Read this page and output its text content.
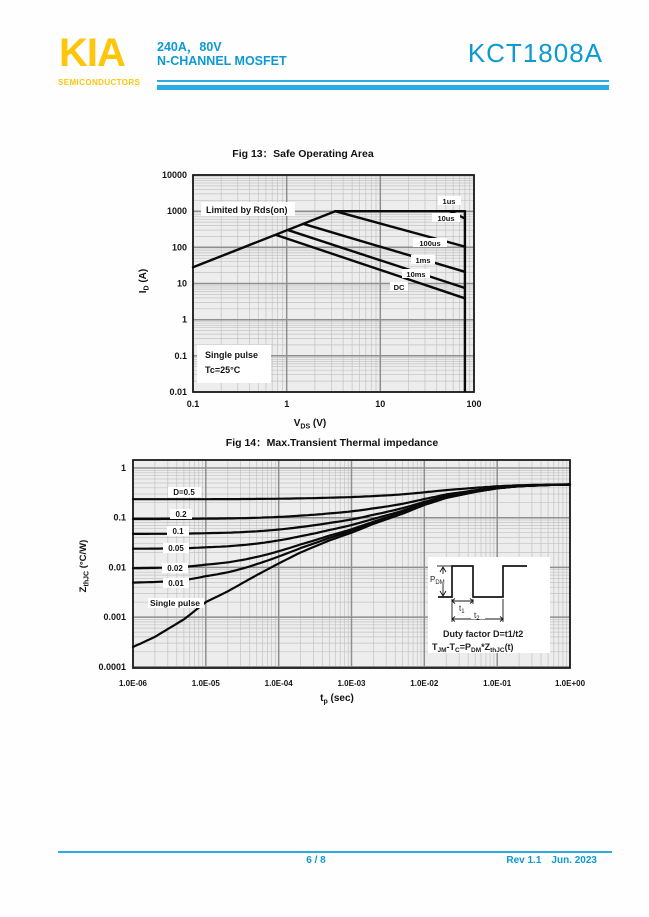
KIA
SEMICONDUCTORS
240A，80V
N-CHANNEL MOSFET	KCT1808A
0.1	1	10	100
10000
1000
100
10
1
0.1
0.01
Limited by Rds(on)
Single pulse
Tc=25°C
1us
10us
100us
1ms
10ms
DC
Fig 13：Safe Operating Area
$V_{DS}$ (V)
$I_D$ (A)
1.0E-06	1.0E-05	1.0E-04	1.0E-03	1.0E-02	1.0E-01	1.0E+00
1
0.1
0.01
0.001
0.0001
D=0.5
0.2
0.1
0.05
0.02
0.01
Single pulse
Fig 14：Max.Transient Thermal impedance
$t_p$ (sec)
$Z_{thJC}$ (°C/W)
$P_{DM}$
$t_1$ $t_2$
Duty factor D=t1/t2
$T_{JM}-T_C=P_{DM}*Z_{thJC}(t)$
6 / 8	Rev 1.1 Jun. 2023
